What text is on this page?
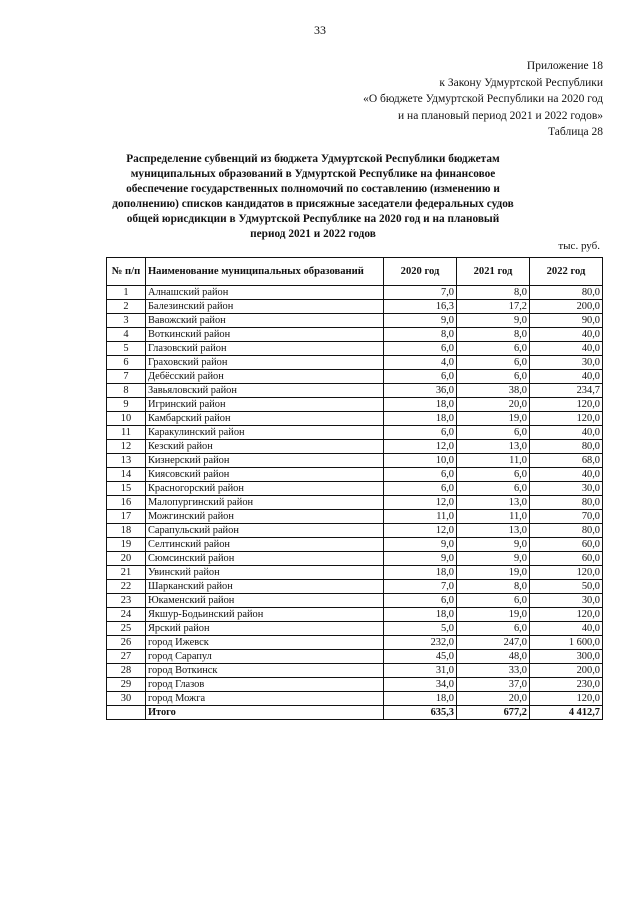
33
Приложение 18
к Закону Удмуртской Республики
«О бюджете Удмуртской Республики на 2020 год
и на плановый период 2021 и 2022 годов»
Таблица 28
Распределение субвенций из бюджета Удмуртской Республики бюджетам муниципальных образований в Удмуртской Республике на финансовое обеспечение государственных полномочий по составлению (изменению и дополнению) списков кандидатов в присяжные заседатели федеральных судов общей юрисдикции в Удмуртской Республике на 2020 год и на плановый период 2021 и 2022 годов
тыс. руб.
№ п/п	Наименование муниципальных образований	2020 год	2021 год	2022 год
1	Алнашский район	7,0	8,0	80,0
2	Балезинский район	16,3	17,2	200,0
3	Вавожский район	9,0	9,0	90,0
4	Воткинский район	8,0	8,0	40,0
5	Глазовский район	6,0	6,0	40,0
6	Граховский район	4,0	6,0	30,0
7	Дебёсский район	6,0	6,0	40,0
8	Завьяловский район	36,0	38,0	234,7
9	Игринский район	18,0	20,0	120,0
10	Камбарский район	18,0	19,0	120,0
11	Каракулинский район	6,0	6,0	40,0
12	Кезский район	12,0	13,0	80,0
13	Кизнерский район	10,0	11,0	68,0
14	Киясовский район	6,0	6,0	40,0
15	Красногорский район	6,0	6,0	30,0
16	Малопургинский район	12,0	13,0	80,0
17	Можгинский район	11,0	11,0	70,0
18	Сарапульский район	12,0	13,0	80,0
19	Селтинский район	9,0	9,0	60,0
20	Сюмсинский район	9,0	9,0	60,0
21	Увинский район	18,0	19,0	120,0
22	Шарканский район	7,0	8,0	50,0
23	Юкаменский район	6,0	6,0	30,0
24	Якшур-Бодьинский район	18,0	19,0	120,0
25	Ярский район	5,0	6,0	40,0
26	город Ижевск	232,0	247,0	1 600,0
27	город Сарапул	45,0	48,0	300,0
28	город Воткинск	31,0	33,0	200,0
29	город Глазов	34,0	37,0	230,0
30	город Можга	18,0	20,0	120,0
	Итого	635,3	677,2	4 412,7
